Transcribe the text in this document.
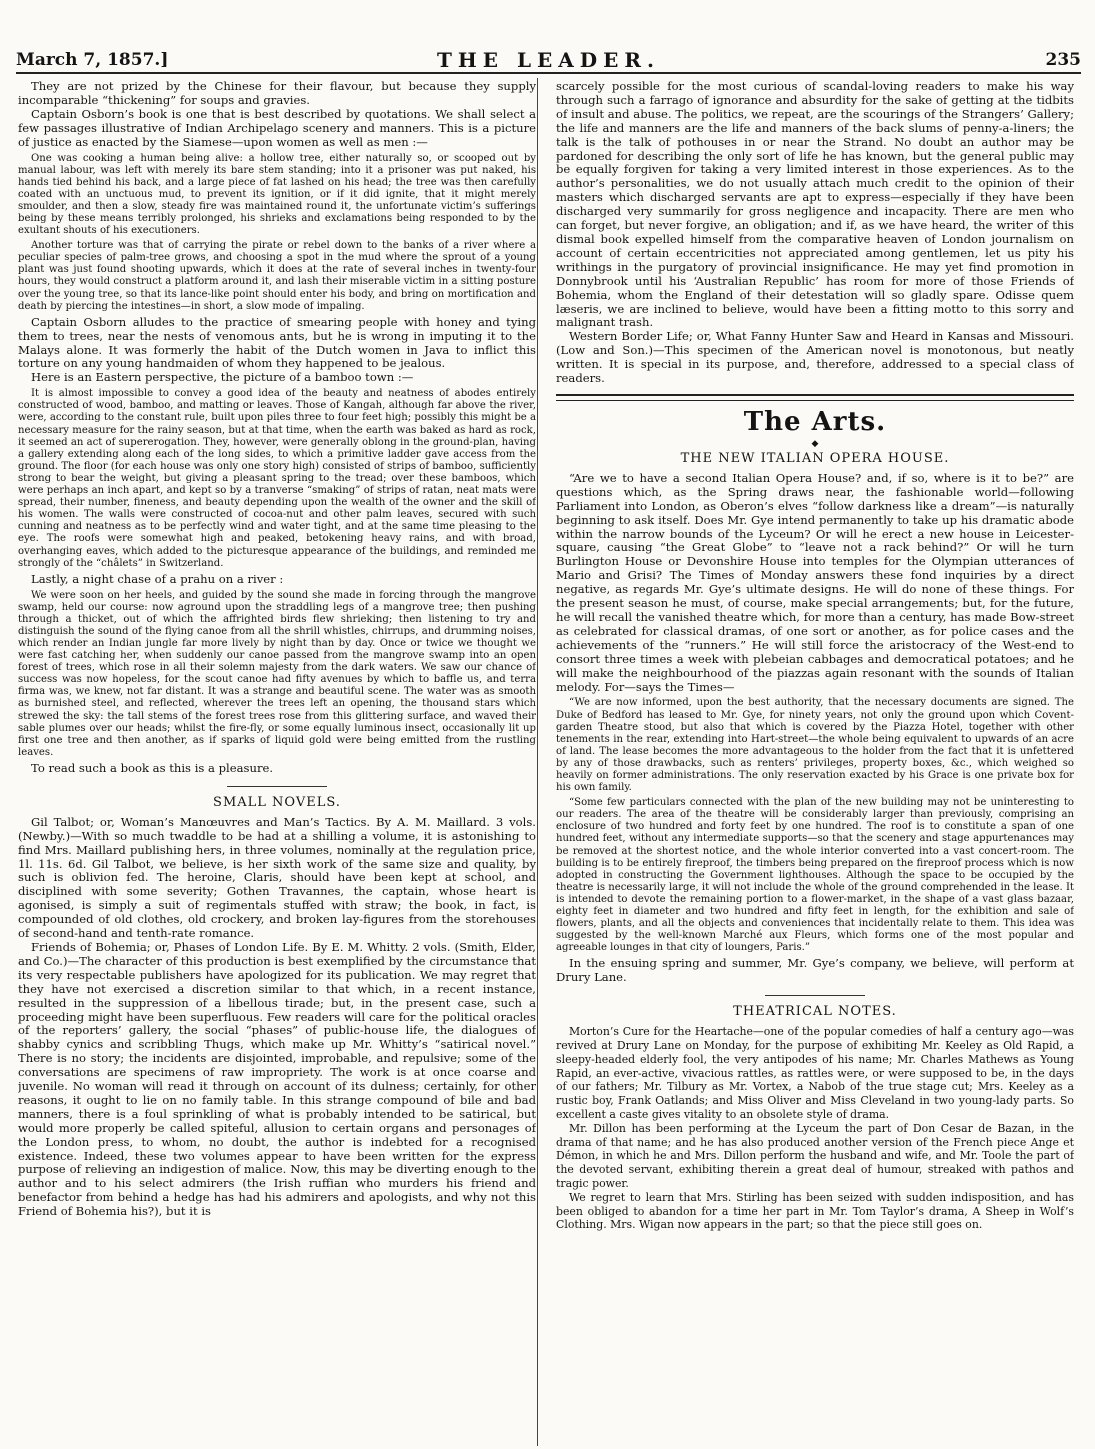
March 7, 1857.]	THE LEADER.	235

They are not prized by the Chinese for their flavour, but because they supply incomparable “thickening” for soups and gravies.

Captain Osborn’s book is one that is best described by quotations. We shall select a few passages illustrative of Indian Archipelago scenery and manners. This is a picture of justice as enacted by the Siamese—upon women as well as men :—

One was cooking a human being alive: a hollow tree, either naturally so, or scooped out by manual labour, was left with merely its bare stem standing; into it a prisoner was put naked, his hands tied behind his back, and a large piece of fat lashed on his head; the tree was then carefully coated with an unctuous mud, to prevent its ignition, or if it did ignite, that it might merely smoulder, and then a slow, steady fire was maintained round it, the unfortunate victim’s sufferings being by these means terribly prolonged, his shrieks and exclamations being responded to by the exultant shouts of his executioners.

Another torture was that of carrying the pirate or rebel down to the banks of a river where a peculiar species of palm-tree grows, and choosing a spot in the mud where the sprout of a young plant was just found shooting upwards, which it does at the rate of several inches in twenty-four hours, they would construct a platform around it, and lash their miserable victim in a sitting posture over the young tree, so that its lance-like point should enter his body, and bring on mortification and death by piercing the intestines—in short, a slow mode of impaling.

Captain Osborn alludes to the practice of smearing people with honey and tying them to trees, near the nests of venomous ants, but he is wrong in imputing it to the Malays alone. It was formerly the habit of the Dutch women in Java to inflict this torture on any young handmaiden of whom they happened to be jealous.

Here is an Eastern perspective, the picture of a bamboo town :—

It is almost impossible to convey a good idea of the beauty and neatness of abodes entirely constructed of wood, bamboo, and matting or leaves. Those of Kangah, although far above the river, were, according to the constant rule, built upon piles three to four feet high; possibly this might be a necessary measure for the rainy season, but at that time, when the earth was baked as hard as rock, it seemed an act of supererogation. They, however, were generally oblong in the ground-plan, having a gallery extending along each of the long sides, to which a primitive ladder gave access from the ground. The floor (for each house was only one story high) consisted of strips of bamboo, sufficiently strong to bear the weight, but giving a pleasant spring to the tread; over these bamboos, which were perhaps an inch apart, and kept so by a tranverse “smaking” of strips of ratan, neat mats were spread, their number, fineness, and beauty depending upon the wealth of the owner and the skill of his women. The walls were constructed of cocoa-nut and other palm leaves, secured with such cunning and neatness as to be perfectly wind and water tight, and at the same time pleasing to the eye. The roofs were somewhat high and peaked, betokening heavy rains, and with broad, overhanging eaves, which added to the picturesque appearance of the buildings, and reminded me strongly of the “châlets” in Switzerland.

Lastly, a night chase of a prahu on a river :

We were soon on her heels, and guided by the sound she made in forcing through the mangrove swamp, held our course: now aground upon the straddling legs of a mangrove tree; then pushing through a thicket, out of which the affrighted birds flew shrieking; then listening to try and distinguish the sound of the flying canoe from all the shrill whistles, chirrups, and drumming noises, which render an Indian jungle far more lively by night than by day. Once or twice we thought we were fast catching her, when suddenly our canoe passed from the mangrove swamp into an open forest of trees, which rose in all their solemn majesty from the dark waters. We saw our chance of success was now hopeless, for the scout canoe had fifty avenues by which to baffle us, and terra firma was, we knew, not far distant. It was a strange and beautiful scene. The water was as smooth as burnished steel, and reflected, wherever the trees left an opening, the thousand stars which strewed the sky: the tall stems of the forest trees rose from this glittering surface, and waved their sable plumes over our heads; whilst the fire-fly, or some equally luminous insect, occasionally lit up first one tree and then another, as if sparks of liquid gold were being emitted from the rustling leaves.

To read such a book as this is a pleasure.

SMALL NOVELS.

Gil Talbot; or, Woman’s Manœuvres and Man’s Tactics. By A. M. Maillard. 3 vols. (Newby.)—With so much twaddle to be had at a shilling a volume, it is astonishing to find Mrs. Maillard publishing hers, in three volumes, nominally at the regulation price, 1l. 11s. 6d. Gil Talbot, we believe, is her sixth work of the same size and quality, by such is oblivion fed. The heroine, Claris, should have been kept at school, and disciplined with some severity; Gothen Travannes, the captain, whose heart is agonised, is simply a suit of regimentals stuffed with straw; the book, in fact, is compounded of old clothes, old crockery, and broken lay-figures from the storehouses of second-hand and tenth-rate romance.

Friends of Bohemia; or, Phases of London Life. By E. M. Whitty. 2 vols. (Smith, Elder, and Co.)—The character of this production is best exemplified by the circumstance that its very respectable publishers have apologized for its publication. We may regret that they have not exercised a discretion similar to that which, in a recent instance, resulted in the suppression of a libellous tirade; but, in the present case, such a proceeding might have been superfluous. Few readers will care for the political oracles of the reporters’ gallery, the social “phases” of public-house life, the dialogues of shabby cynics and scribbling Thugs, which make up Mr. Whitty’s “satirical novel.” There is no story; the incidents are disjointed, improbable, and repulsive; some of the conversations are specimens of raw impropriety. The work is at once coarse and juvenile. No woman will read it through on account of its dulness; certainly, for other reasons, it ought to lie on no family table. In this strange compound of bile and bad manners, there is a foul sprinkling of what is probably intended to be satirical, but would more properly be called spiteful, allusion to certain organs and personages of the London press, to whom, no doubt, the author is indebted for a recognised existence. Indeed, these two volumes appear to have been written for the express purpose of relieving an indigestion of malice. Now, this may be diverting enough to the author and to his select admirers (the Irish ruffian who murders his friend and benefactor from behind a hedge has had his admirers and apologists, and why not this Friend of Bohemia his?), but it is

scarcely possible for the most curious of scandal-loving readers to make his way through such a farrago of ignorance and absurdity for the sake of getting at the tidbits of insult and abuse. The politics, we repeat, are the scourings of the Strangers’ Gallery; the life and manners are the life and manners of the back slums of penny-a-liners; the talk is the talk of pothouses in or near the Strand. No doubt an author may be pardoned for describing the only sort of life he has known, but the general public may be equally forgiven for taking a very limited interest in those experiences. As to the author’s personalities, we do not usually attach much credit to the opinion of their masters which discharged servants are apt to express—especially if they have been discharged very summarily for gross negligence and incapacity. There are men who can forget, but never forgive, an obligation; and if, as we have heard, the writer of this dismal book expelled himself from the comparative heaven of London journalism on account of certain eccentricities not appreciated among gentlemen, let us pity his writhings in the purgatory of provincial insignificance. He may yet find promotion in Donnybrook until his ‘Australian Republic’ has room for more of those Friends of Bohemia, whom the England of their detestation will so gladly spare. Odisse quem læseris, we are inclined to believe, would have been a fitting motto to this sorry and malignant trash.

Western Border Life; or, What Fanny Hunter Saw and Heard in Kansas and Missouri. (Low and Son.)—This specimen of the American novel is monotonous, but neatly written. It is special in its purpose, and, therefore, addressed to a special class of readers.

The Arts.
◆
THE NEW ITALIAN OPERA HOUSE.

“Are we to have a second Italian Opera House? and, if so, where is it to be?” are questions which, as the Spring draws near, the fashionable world—following Parliament into London, as Oberon’s elves “follow darkness like a dream”—is naturally beginning to ask itself. Does Mr. Gye intend permanently to take up his dramatic abode within the narrow bounds of the Lyceum? Or will he erect a new house in Leicester-square, causing “the Great Globe” to “leave not a rack behind?” Or will he turn Burlington House or Devonshire House into temples for the Olympian utterances of Mario and Grisi? The Times of Monday answers these fond inquiries by a direct negative, as regards Mr. Gye’s ultimate designs. He will do none of these things. For the present season he must, of course, make special arrangements; but, for the future, he will recall the vanished theatre which, for more than a century, has made Bow-street as celebrated for classical dramas, of one sort or another, as for police cases and the achievements of the “runners.” He will still force the aristocracy of the West-end to consort three times a week with plebeian cabbages and democratical potatoes; and he will make the neighbourhood of the piazzas again resonant with the sounds of Italian melody. For—says the Times—

“We are now informed, upon the best authority, that the necessary documents are signed. The Duke of Bedford has leased to Mr. Gye, for ninety years, not only the ground upon which Covent-garden Theatre stood, but also that which is covered by the Piazza Hotel, together with other tenements in the rear, extending into Hart-street—the whole being equivalent to upwards of an acre of land. The lease becomes the more advantageous to the holder from the fact that it is unfettered by any of those drawbacks, such as renters’ privileges, property boxes, &c., which weighed so heavily on former administrations. The only reservation exacted by his Grace is one private box for his own family.

“Some few particulars connected with the plan of the new building may not be uninteresting to our readers. The area of the theatre will be considerably larger than previously, comprising an enclosure of two hundred and forty feet by one hundred. The roof is to constitute a span of one hundred feet, without any intermediate supports—so that the scenery and stage appurtenances may be removed at the shortest notice, and the whole interior converted into a vast concert-room. The building is to be entirely fireproof, the timbers being prepared on the fireproof process which is now adopted in constructing the Government lighthouses. Although the space to be occupied by the theatre is necessarily large, it will not include the whole of the ground comprehended in the lease. It is intended to devote the remaining portion to a flower-market, in the shape of a vast glass bazaar, eighty feet in diameter and two hundred and fifty feet in length, for the exhibition and sale of flowers, plants, and all the objects and conveniences that incidentally relate to them. This idea was suggested by the well-known Marché aux Fleurs, which forms one of the most popular and agreeable lounges in that city of loungers, Paris.”

In the ensuing spring and summer, Mr. Gye’s company, we believe, will perform at Drury Lane.

THEATRICAL NOTES.

Morton’s Cure for the Heartache—one of the popular comedies of half a century ago—was revived at Drury Lane on Monday, for the purpose of exhibiting Mr. Keeley as Old Rapid, a sleepy-headed elderly fool, the very antipodes of his name; Mr. Charles Mathews as Young Rapid, an ever-active, vivacious rattles, as rattles were, or were supposed to be, in the days of our fathers; Mr. Tilbury as Mr. Vortex, a Nabob of the true stage cut; Mrs. Keeley as a rustic boy, Frank Oatlands; and Miss Oliver and Miss Cleveland in two young-lady parts. So excellent a caste gives vitality to an obsolete style of drama.

Mr. Dillon has been performing at the Lyceum the part of Don Cesar de Bazan, in the drama of that name; and he has also produced another version of the French piece Ange et Démon, in which he and Mrs. Dillon perform the husband and wife, and Mr. Toole the part of the devoted servant, exhibiting therein a great deal of humour, streaked with pathos and tragic power.

We regret to learn that Mrs. Stirling has been seized with sudden indisposition, and has been obliged to abandon for a time her part in Mr. Tom Taylor’s drama, A Sheep in Wolf’s Clothing. Mrs. Wigan now appears in the part; so that the piece still goes on.
